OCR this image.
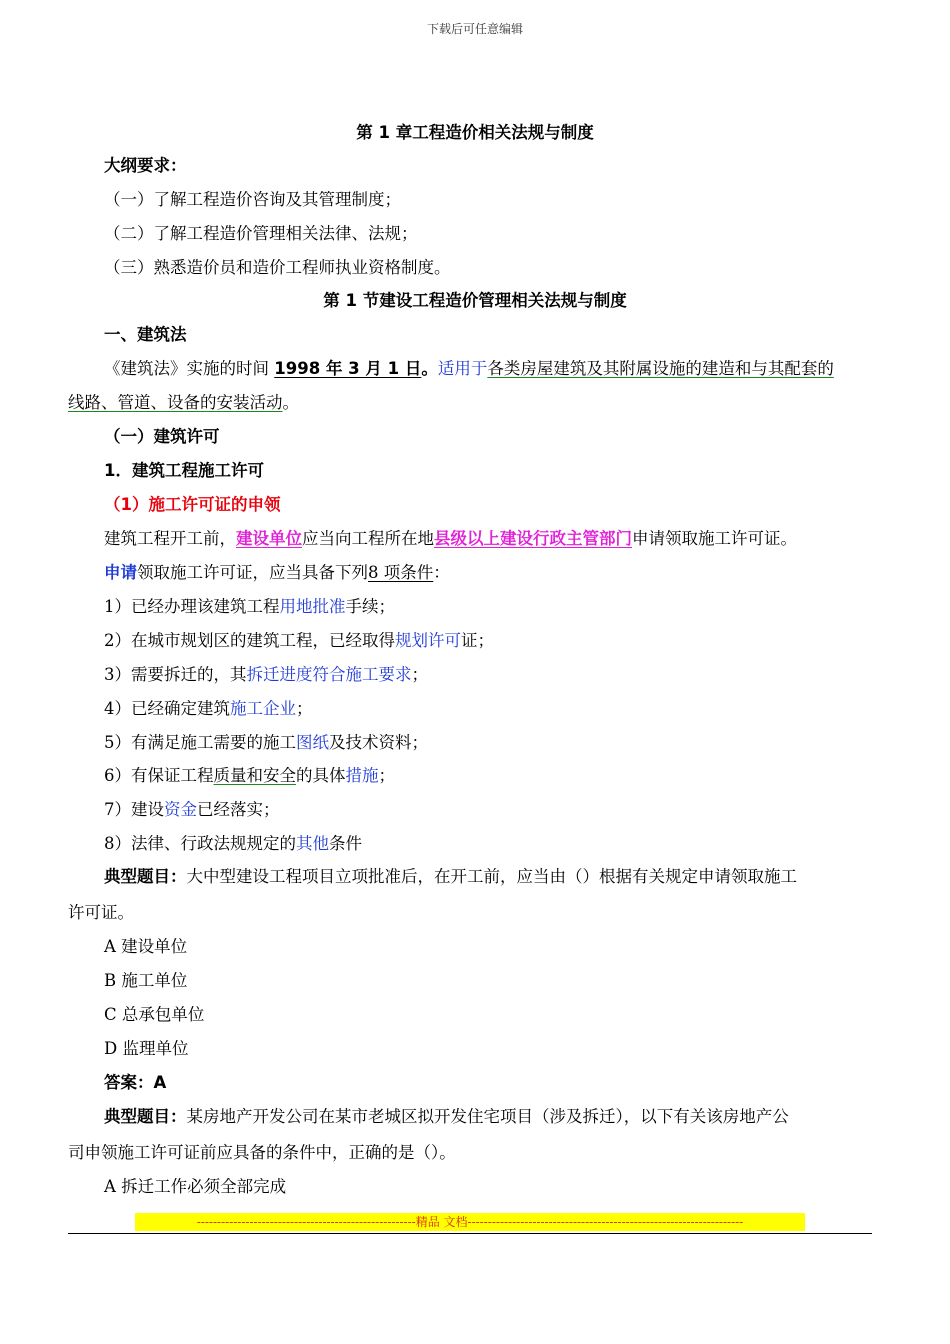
下载后可任意编辑
第 1 章工程造价相关法规与制度
大纲要求：
（一）了解工程造价咨询及其管理制度；
（二）了解工程造价管理相关法律、法规；
（三）熟悉造价员和造价工程师执业资格制度。
第 1 节建设工程造价管理相关法规与制度
一、建筑法
《建筑法》实施的时间 1998 年 3 月 1 日。适用于各类房屋建筑及其附属设施的建造和与其配套的
线路、管道、设备的安装活动。
（一）建筑许可
1．建筑工程施工许可
（1）施工许可证的申领
建筑工程开工前，建设单位应当向工程所在地县级以上建设行政主管部门申请领取施工许可证。
申请领取施工许可证，应当具备下列8 项条件：
1）已经办理该建筑工程用地批准手续；
2）在城市规划区的建筑工程，已经取得规划许可证；
3）需要拆迁的，其拆迁进度符合施工要求；
4）已经确定建筑施工企业；
5）有满足施工需要的施工图纸及技术资料；
6）有保证工程质量和安全的具体措施；
7）建设资金已经落实；
8）法律、行政法规规定的其他条件
典型题目：大中型建设工程项目立项批准后，在开工前，应当由（）根据有关规定申请领取施工
许可证。
A 建设单位
B 施工单位
C 总承包单位
D 监理单位
答案：A
典型题目：某房地产开发公司在某市老城区拟开发住宅项目（涉及拆迁），以下有关该房地产公
司申领施工许可证前应具备的条件中，正确的是（）。
A 拆迁工作必须全部完成
------------------------------------------------------精品 文档--------------------------------------------------------------------
